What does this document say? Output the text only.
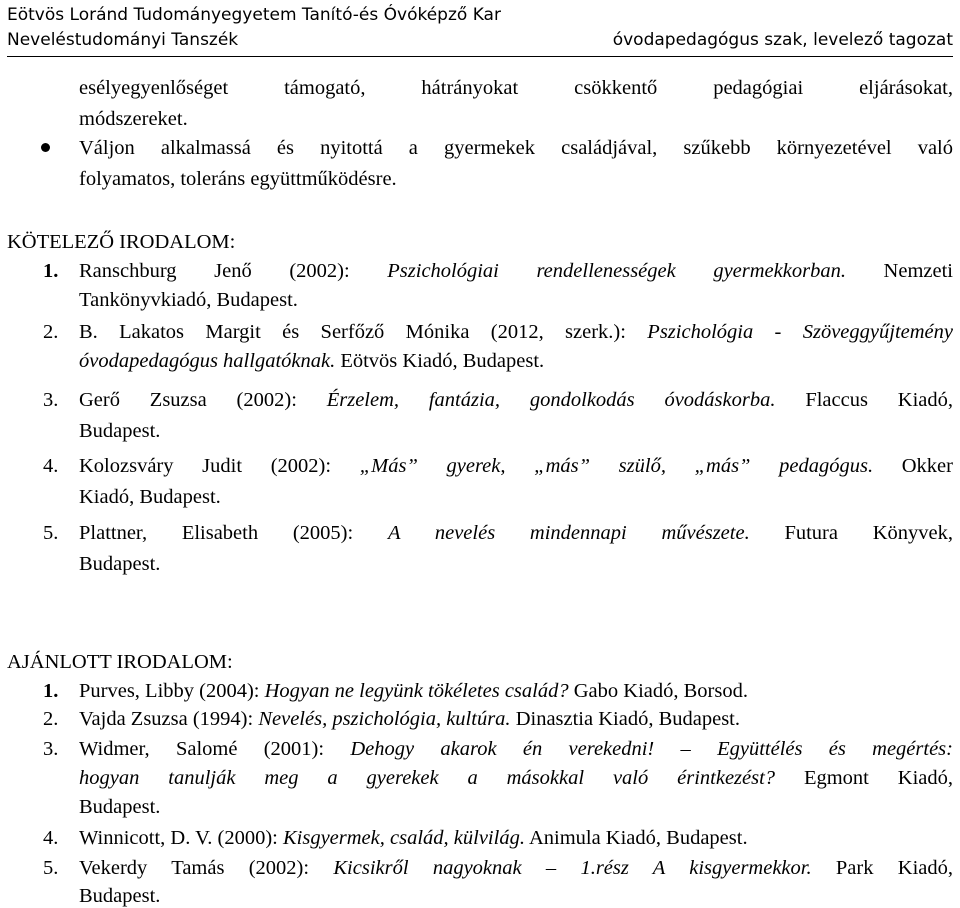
Eötvös Loránd Tudományegyetem Tanító-és Óvóképző Kar
Neveléstudományi Tanszék	óvodapedagógus szak, levelező tagozat
esélyegyenlőséget támogató, hátrányokat csökkentő pedagógiai eljárásokat,
módszereket.
Váljon alkalmassá és nyitottá a gyermekek családjával, szűkebb környezetével való
folyamatos, toleráns együttműködésre.
KÖTELEZŐ IRODALOM:
1. Ranschburg Jenő (2002): Pszichológiai rendellenességek gyermekkorban. Nemzeti
Tankönyvkiadó, Budapest.
2. B. Lakatos Margit és Serfőző Mónika (2012, szerk.): Pszichológia - Szöveggyűjtemény
óvodapedagógus hallgatóknak. Eötvös Kiadó, Budapest.
3. Gerő Zsuzsa (2002): Érzelem, fantázia, gondolkodás óvodáskorba. Flaccus Kiadó,
Budapest.
4. Kolozsváry Judit (2002): „Más” gyerek, „más” szülő, „más” pedagógus. Okker
Kiadó, Budapest.
5. Plattner, Elisabeth (2005): A nevelés mindennapi művészete. Futura Könyvek,
Budapest.
AJÁNLOTT IRODALOM:
1. Purves, Libby (2004): Hogyan ne legyünk tökéletes család? Gabo Kiadó, Borsod.
2. Vajda Zsuzsa (1994): Nevelés, pszichológia, kultúra. Dinasztia Kiadó, Budapest.
3. Widmer, Salomé (2001): Dehogy akarok én verekedni! – Együttélés és megértés:
hogyan tanulják meg a gyerekek a másokkal való érintkezést? Egmont Kiadó,
Budapest.
4. Winnicott, D. V. (2000): Kisgyermek, család, külvilág. Animula Kiadó, Budapest.
5. Vekerdy Tamás (2002): Kicsikről nagyoknak – 1.rész A kisgyermekkor. Park Kiadó,
Budapest.
